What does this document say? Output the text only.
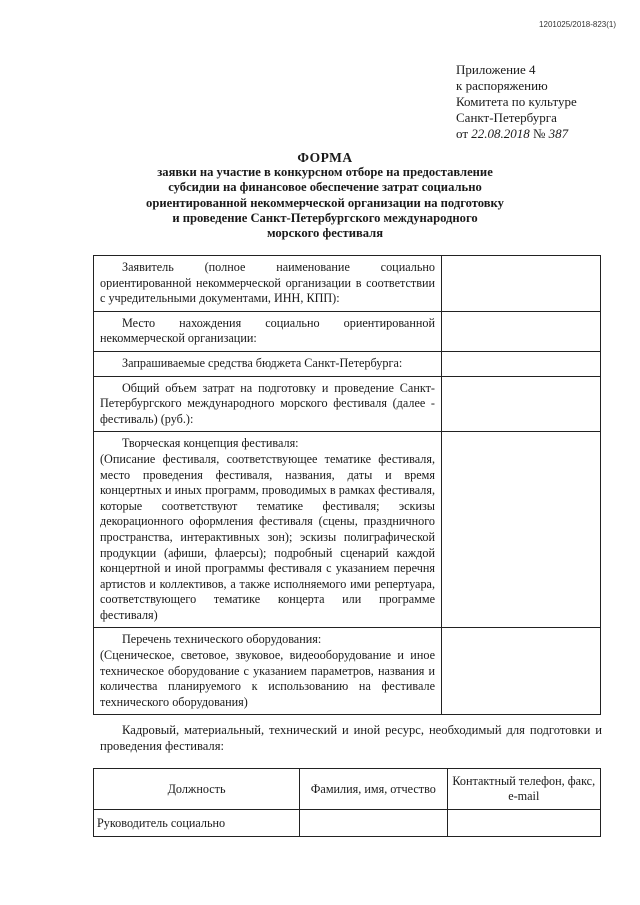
1201025/2018-823(1)
Приложение 4
к распоряжению
Комитета по культуре
Санкт-Петербурга
от 22.08.2018 № 387
ФОРМА
заявки на участие в конкурсном отборе на предоставление
субсидии на финансовое обеспечение затрат социально
ориентированной некоммерческой организации на подготовку
и проведение Санкт-Петербургского международного
морского фестиваля
Заявитель (полное наименование социально ориентированной некоммерческой организации в соответствии с учредительными документами, ИНН, КПП):	

Место нахождения социально ориентированной некоммерческой организации:	

Запрашиваемые средства бюджета Санкт-Петербурга:	

Общий объем затрат на подготовку и проведение Санкт-Петербургского международного морского фестиваля (далее - фестиваль) (руб.):	

Творческая концепция фестиваля:
(Описание фестиваля, соответствующее тематике фестиваля, место проведения фестиваля, названия, даты и время концертных и иных программ, проводимых в рамках фестиваля, которые соответствуют тематике фестиваля; эскизы декорационного оформления фестиваля (сцены, праздничного пространства, интерактивных зон); эскизы полиграфической продукции (афиши, флаерсы); подробный сценарий каждой концертной и иной программы фестиваля с указанием перечня артистов и коллективов, а также исполняемого ими репертуара, соответствующего тематике концерта или программе фестиваля)	

Перечень технического оборудования:
(Сценическое, световое, звуковое, видеооборудование и иное техническое оборудование с указанием параметров, названия и количества планируемого к использованию на фестивале технического оборудования)	

Кадровый, материальный, технический и иной ресурс, необходимый для подготовки и проведения фестиваля:
Должность	Фамилия, имя, отчество	Контактный телефон, факс, e-mail
Руководитель социально		
